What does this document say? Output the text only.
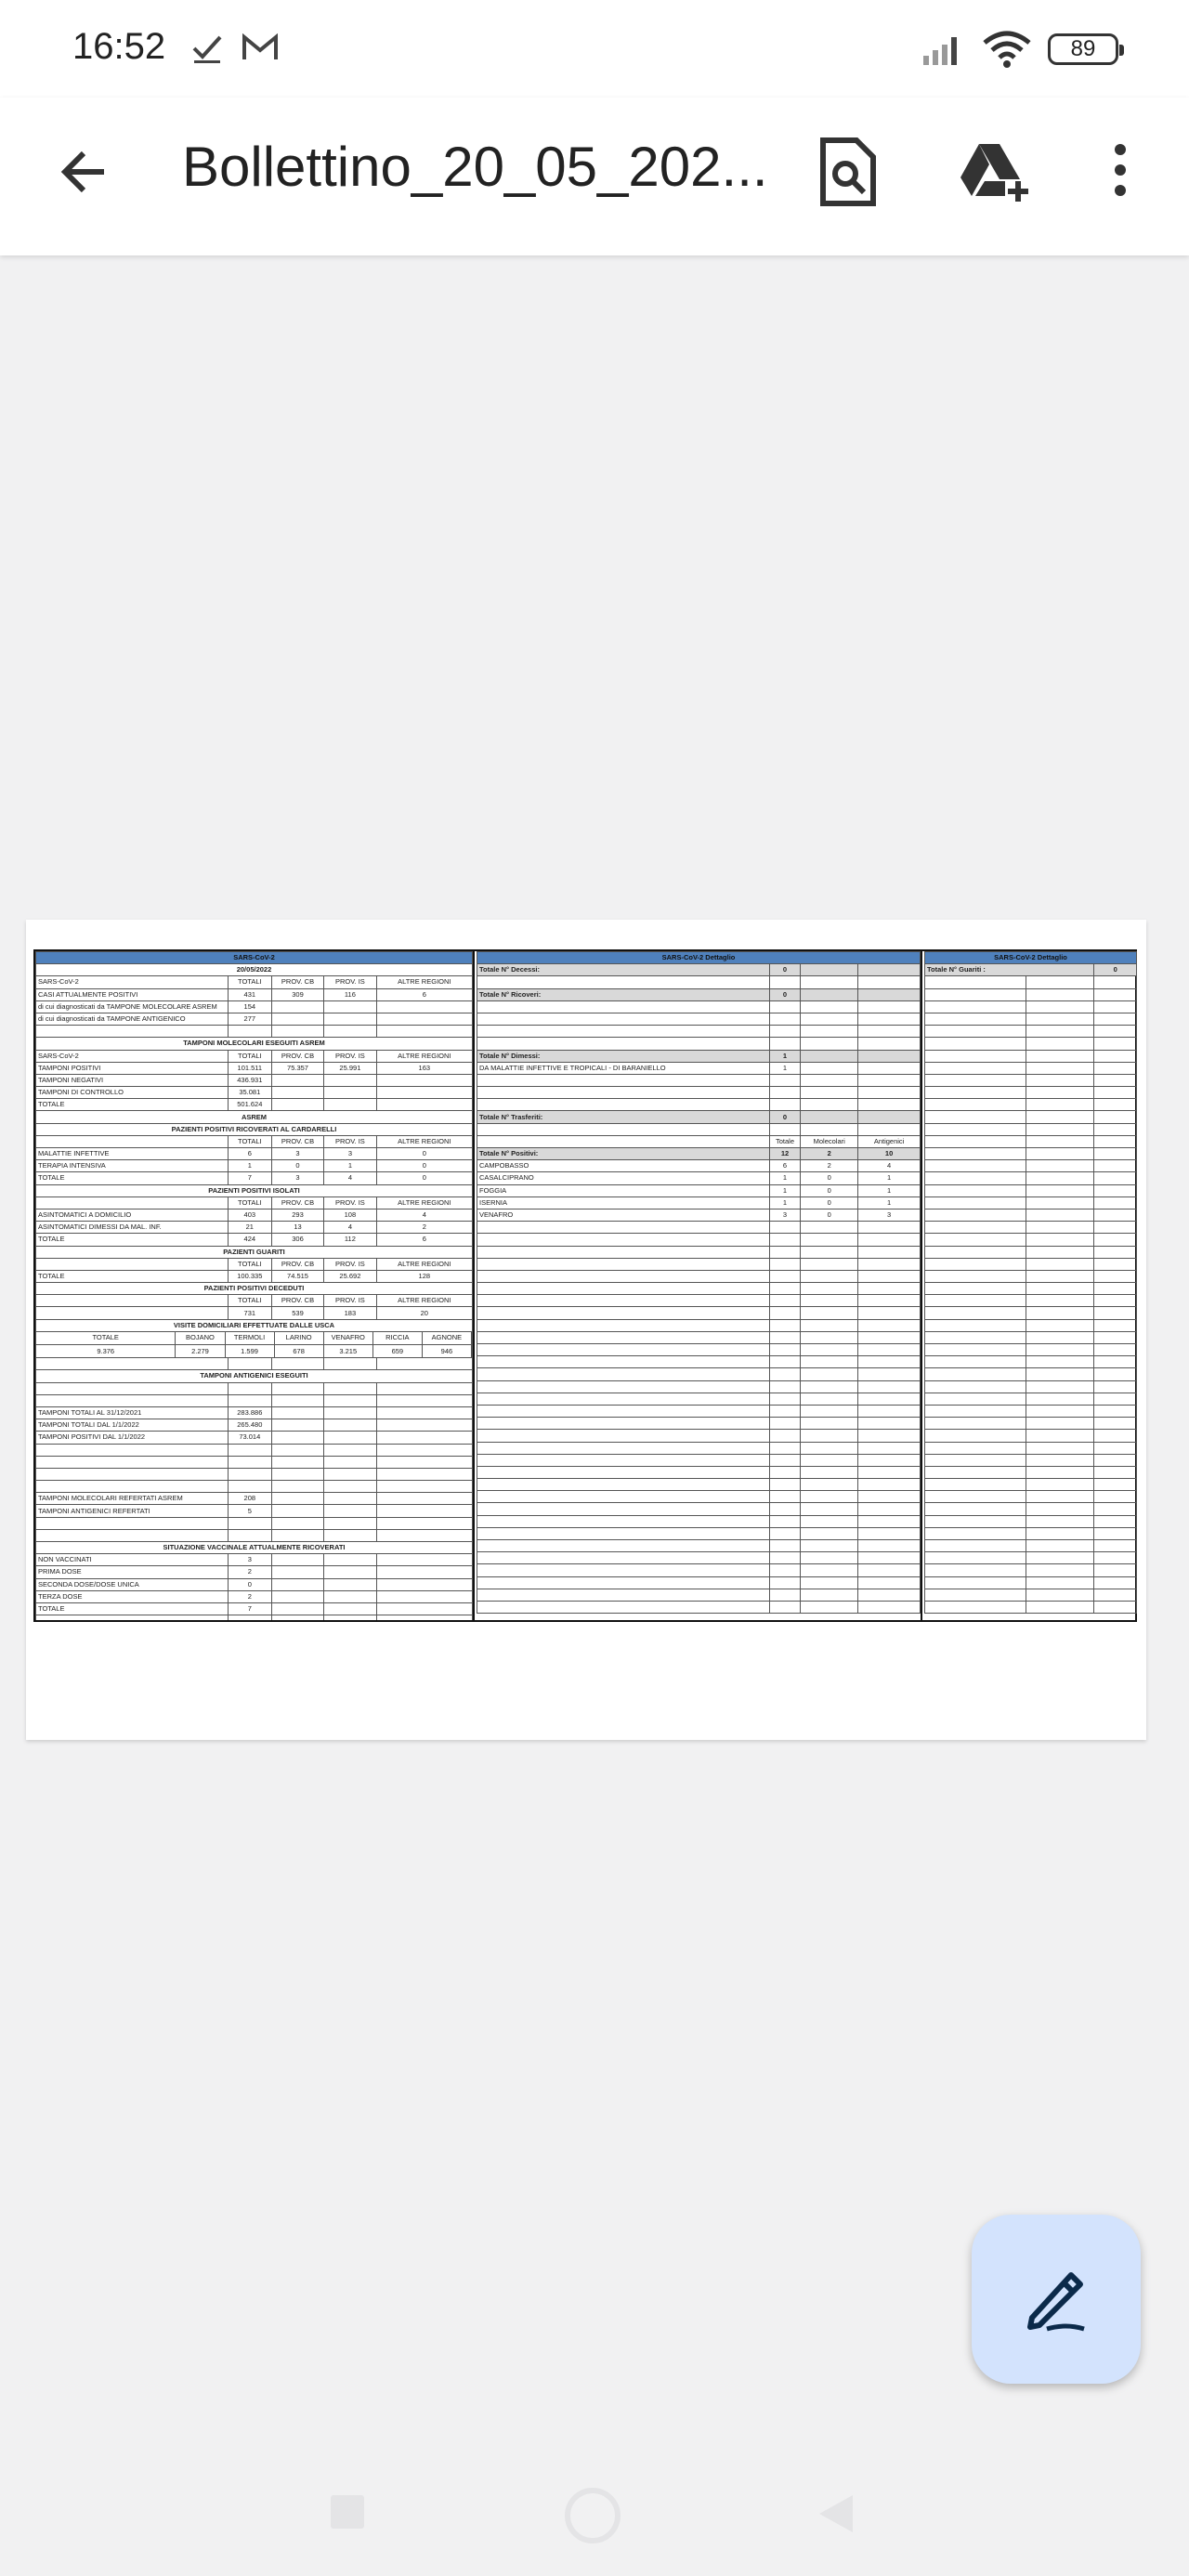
16:52	89
Bollettino_20_05_202...
SARS-CoV-2
20/05/2022
SARS-CoV-2	TOTALI	PROV. CB	PROV. IS	ALTRE REGIONI
CASI ATTUALMENTE POSITIVI	431	309	116	6
di cui diagnosticati da TAMPONE MOLECOLARE ASREM	154			
di cui diagnosticati da TAMPONE ANTIGENICO	277			

TAMPONI MOLECOLARI ESEGUITI ASREM
SARS-CoV-2	TOTALI	PROV. CB	PROV. IS	ALTRE REGIONI
TAMPONI POSITIVI	101.511	75.357	25.991	163
TAMPONI NEGATIVI	436.931			
TAMPONI DI CONTROLLO	35.081			
TOTALE	501.624			
ASREM
PAZIENTI POSITIVI RICOVERATI AL CARDARELLI
	TOTALI	PROV. CB	PROV. IS	ALTRE REGIONI
MALATTIE INFETTIVE	6	3	3	0
TERAPIA INTENSIVA	1	0	1	0
TOTALE	7	3	4	0
PAZIENTI POSITIVI ISOLATI
	TOTALI	PROV. CB	PROV. IS	ALTRE REGIONI
ASINTOMATICI A DOMICILIO	403	293	108	4
ASINTOMATICI DIMESSI DA MAL. INF.	21	13	4	2
TOTALE	424	306	112	6
PAZIENTI GUARITI
	TOTALI	PROV. CB	PROV. IS	ALTRE REGIONI
TOTALE	100.335	74.515	25.692	128
PAZIENTI POSITIVI DECEDUTI
	TOTALI	PROV. CB	PROV. IS	ALTRE REGIONI
	731	539	183	20
VISITE DOMICILIARI EFFETTUATE DALLE USCA

TOTALE	BOJANO	TERMOLI	LARINO	VENAFRO	RICCIA	AGNONE

9.376	2.279	1.599	678	3.215	659	946

TAMPONI ANTIGENICI ESEGUITI

TAMPONI TOTALI AL 31/12/2021	283.886			
TAMPONI TOTALI DAL 1/1/2022	265.480			
TAMPONI POSITIVI DAL 1/1/2022	73.014			

TAMPONI MOLECOLARI REFERTATI ASREM	208			
TAMPONI ANTIGENICI REFERTATI	5			

SITUAZIONE VACCINALE ATTUALMENTE RICOVERATI
NON VACCINATI	3			
PRIMA DOSE	2			
SECONDA DOSE/DOSE UNICA	0			
TERZA DOSE	2			
TOTALE	7			

SARS-CoV-2 Dettaglio			
Totale N° Decessi:	0		

Totale N° Ricoveri:	0		

Totale N° Dimessi:	1		
DA MALATTIE INFETTIVE E TROPICALI - DI BARANIELLO	1		

Totale N° Trasferiti:	0		

	Totale	Molecolari	Antigenici
Totale N° Positivi:	12	2	10
CAMPOBASSO	6	2	4
CASALCIPRANO	1	0	1
FOGGIA	1	0	1
ISERNIA	1	0	1
VENAFRO	3	0	3

SARS-CoV-2 Dettaglio		
Totale N° Guariti :		0
